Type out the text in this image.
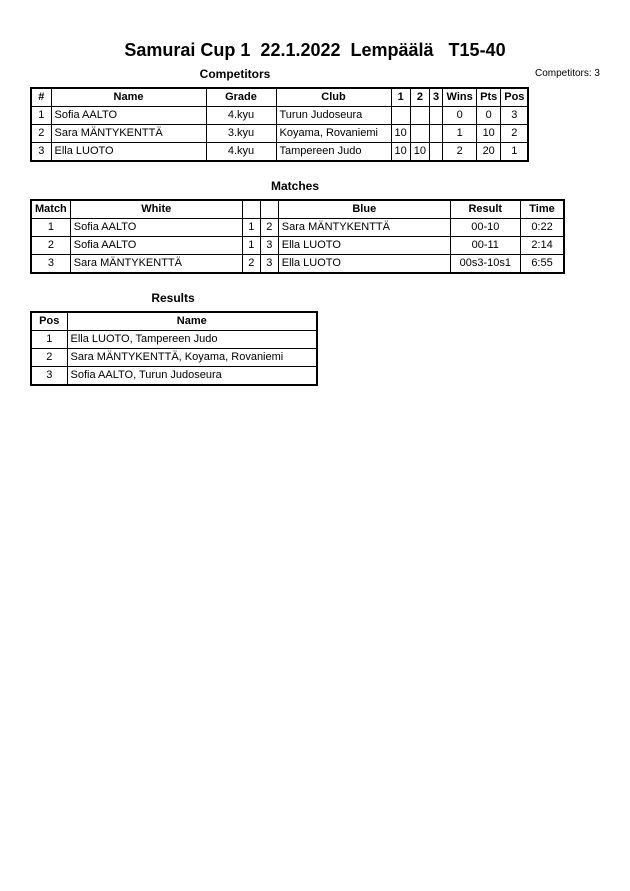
Samurai Cup 1  22.1.2022  Lempäälä   T15-40
Competitors	Competitors: 3
#	Name	Grade	Club	1	2	3	Wins	Pts	Pos
1	Sofia AALTO	4.kyu	Turun Judoseura				0	0	3
2	Sara MÄNTYKENTTÄ	3.kyu	Koyama, Rovaniemi	10			1	10	2
3	Ella LUOTO	4.kyu	Tampereen Judo	10	10		2	20	1
Matches
Match	White			Blue	Result	Time
1	Sofia AALTO	1	2	Sara MÄNTYKENTTÄ	00-10	0:22
2	Sofia AALTO	1	3	Ella LUOTO	00-11	2:14
3	Sara MÄNTYKENTTÄ	2	3	Ella LUOTO	00s3-10s1	6:55
Results
Pos	Name
1	Ella LUOTO, Tampereen Judo
2	Sara MÄNTYKENTTÄ, Koyama, Rovaniemi
3	Sofia AALTO, Turun Judoseura
